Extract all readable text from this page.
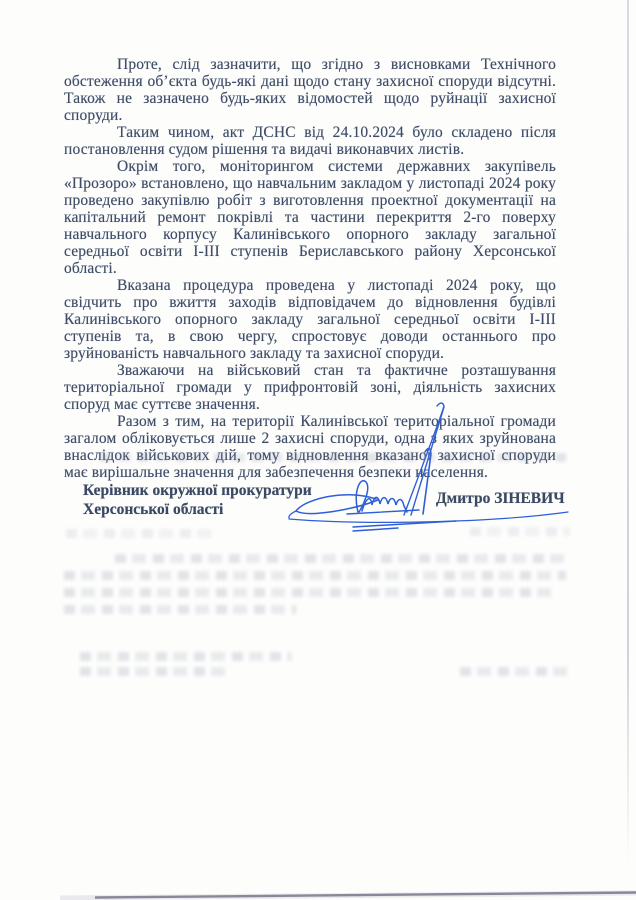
Проте, слід зазначити, що згідно з висновками Технічного обстеження об’єкта будь-які дані щодо стану захисної споруди відсутні. Також не зазначено будь-яких відомостей щодо руйнації захисної споруди.

Таким чином, акт ДСНС від 24.10.2024 було складено після постановлення судом рішення та видачі виконавчих листів.

Окрім того, моніторингом системи державних закупівель «Прозоро» встановлено, що навчальним закладом у листопаді 2024 року проведено закупівлю робіт з виготовлення проектної документації на капітальний ремонт покрівлі та частини перекриття 2-го поверху навчального корпусу Калинівського опорного закладу загальної середньої освіти І-ІІІ ступенів Бериславського району Херсонської області.

Вказана процедура проведена у листопаді 2024 року, що свідчить про вжиття заходів відповідачем до відновлення будівлі Калинівського опорного закладу загальної середньої освіти І-ІІІ ступенів та, в свою чергу, спростовує доводи останнього про зруйнованість навчального закладу та захисної споруди.

Зважаючи на військовий стан та фактичне розташування територіальної громади у прифронтовій зоні, діяльність захисних споруд має суттєве значення.

Разом з тим, на території Калинівської територіальної громади загалом обліковується лише 2 захисні споруди, одна з яких зруйнована внаслідок військових дій, тому відновлення вказаної захисної споруди має вирішальне значення для забезпечення безпеки населення.

Керівник окружної прокуратури
Херсонської області
Дмитро ЗІНЕВИЧ
